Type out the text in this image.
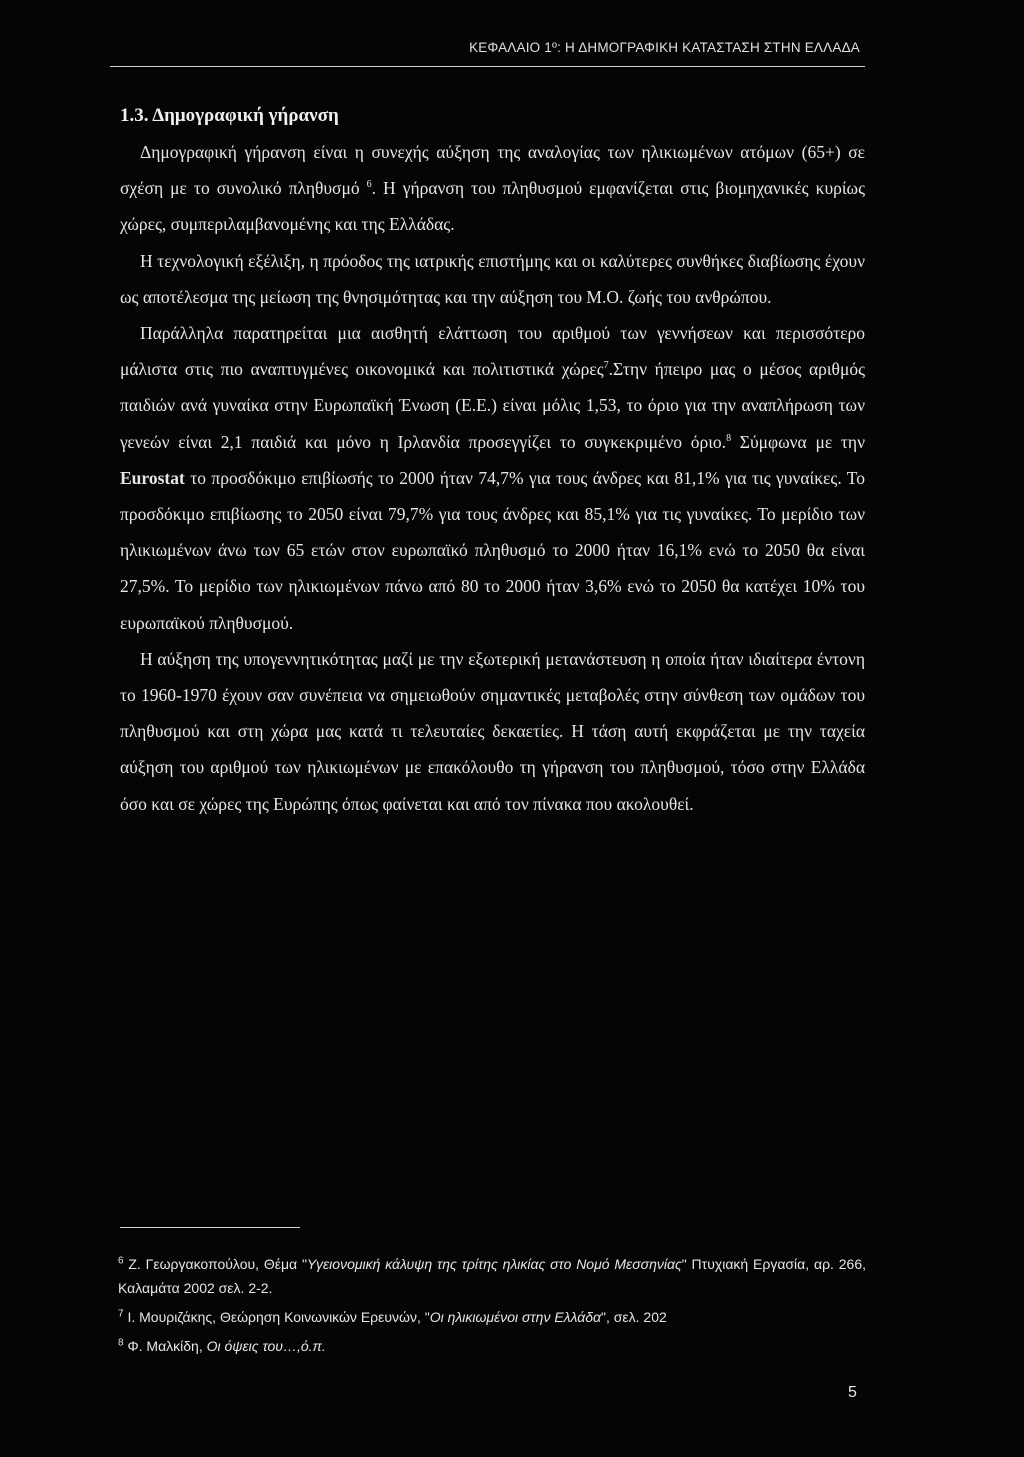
ΚΕΦΑΛΑΙΟ 1º: Η ΔΗΜΟΓΡΑΦΙΚΗ ΚΑΤΑΣΤΑΣΗ ΣΤΗΝ ΕΛΛΑΔΑ
1.3. Δημογραφική γήρανση

Δημογραφική γήρανση είναι η συνεχής αύξηση της αναλογίας των ηλικιωμένων ατόμων (65+) σε σχέση με το συνολικό πληθυσμό $^6$. Η γήρανση του πληθυσμού εμφανίζεται στις βιομηχανικές κυρίως χώρες, συμπεριλαμβανομένης και της Ελλάδας.

Η τεχνολογική εξέλιξη, η πρόοδος της ιατρικής επιστήμης και οι καλύτερες συνθήκες διαβίωσης έχουν ως αποτέλεσμα της μείωση της θνησιμότητας και την αύξηση του Μ.Ο. ζωής του ανθρώπου.

Παράλληλα παρατηρείται μια αισθητή ελάττωση του αριθμού των γεννήσεων και περισσότερο μάλιστα στις πιο αναπτυγμένες οικονομικά και πολιτιστικά χώρες$^7$.Στην ήπειρο μας ο μέσος αριθμός παιδιών ανά γυναίκα στην Ευρωπαϊκή Ένωση (Ε.Ε.) είναι μόλις 1,53, το όριο για την αναπλήρωση των γενεών είναι 2,1 παιδιά και μόνο η Ιρλανδία προσεγγίζει το συγκεκριμένο όριο.$^8$ Σύμφωνα με την Eurostat το προσδόκιμο επιβίωσής το 2000 ήταν 74,7% για τους άνδρες και 81,1% για τις γυναίκες. Το προσδόκιμο επιβίωσης το 2050 είναι 79,7% για τους άνδρες και 85,1% για τις γυναίκες. Το μερίδιο των ηλικιωμένων άνω των 65 ετών στον ευρωπαϊκό πληθυσμό το 2000 ήταν 16,1% ενώ το 2050 θα είναι 27,5%. Το μερίδιο των ηλικιωμένων πάνω από 80 το 2000 ήταν 3,6% ενώ το 2050 θα κατέχει 10% του ευρωπαϊκού πληθυσμού.

Η αύξηση της υπογεννητικότητας μαζί με την εξωτερική μετανάστευση η οποία ήταν ιδιαίτερα έντονη το 1960-1970 έχουν σαν συνέπεια να σημειωθούν σημαντικές μεταβολές στην σύνθεση των ομάδων του πληθυσμού και στη χώρα μας κατά τι τελευταίες δεκαετίες. Η τάση αυτή εκφράζεται με την ταχεία αύξηση του αριθμού των ηλικιωμένων με επακόλουθο τη γήρανση του πληθυσμού, τόσο στην Ελλάδα όσο και σε χώρες της Ευρώπης όπως φαίνεται και από τον πίνακα που ακολουθεί.

$^6$ Ζ. Γεωργακοπούλου, Θέμα "Υγειονομική κάλυψη της τρίτης ηλικίας στο Νομό Μεσσηνίας" Πτυχιακή Εργασία, αρ. 266, Καλαμάτα 2002 σελ. 2-2.

$^7$ Ι. Μουριζάκης, Θεώρηση Κοινωνικών Ερευνών, "Οι ηλικιωμένοι στην Ελλάδα", σελ. 202

$^8$ Φ. Μαλκίδη, Οι όψεις του…,ό.π.

5
